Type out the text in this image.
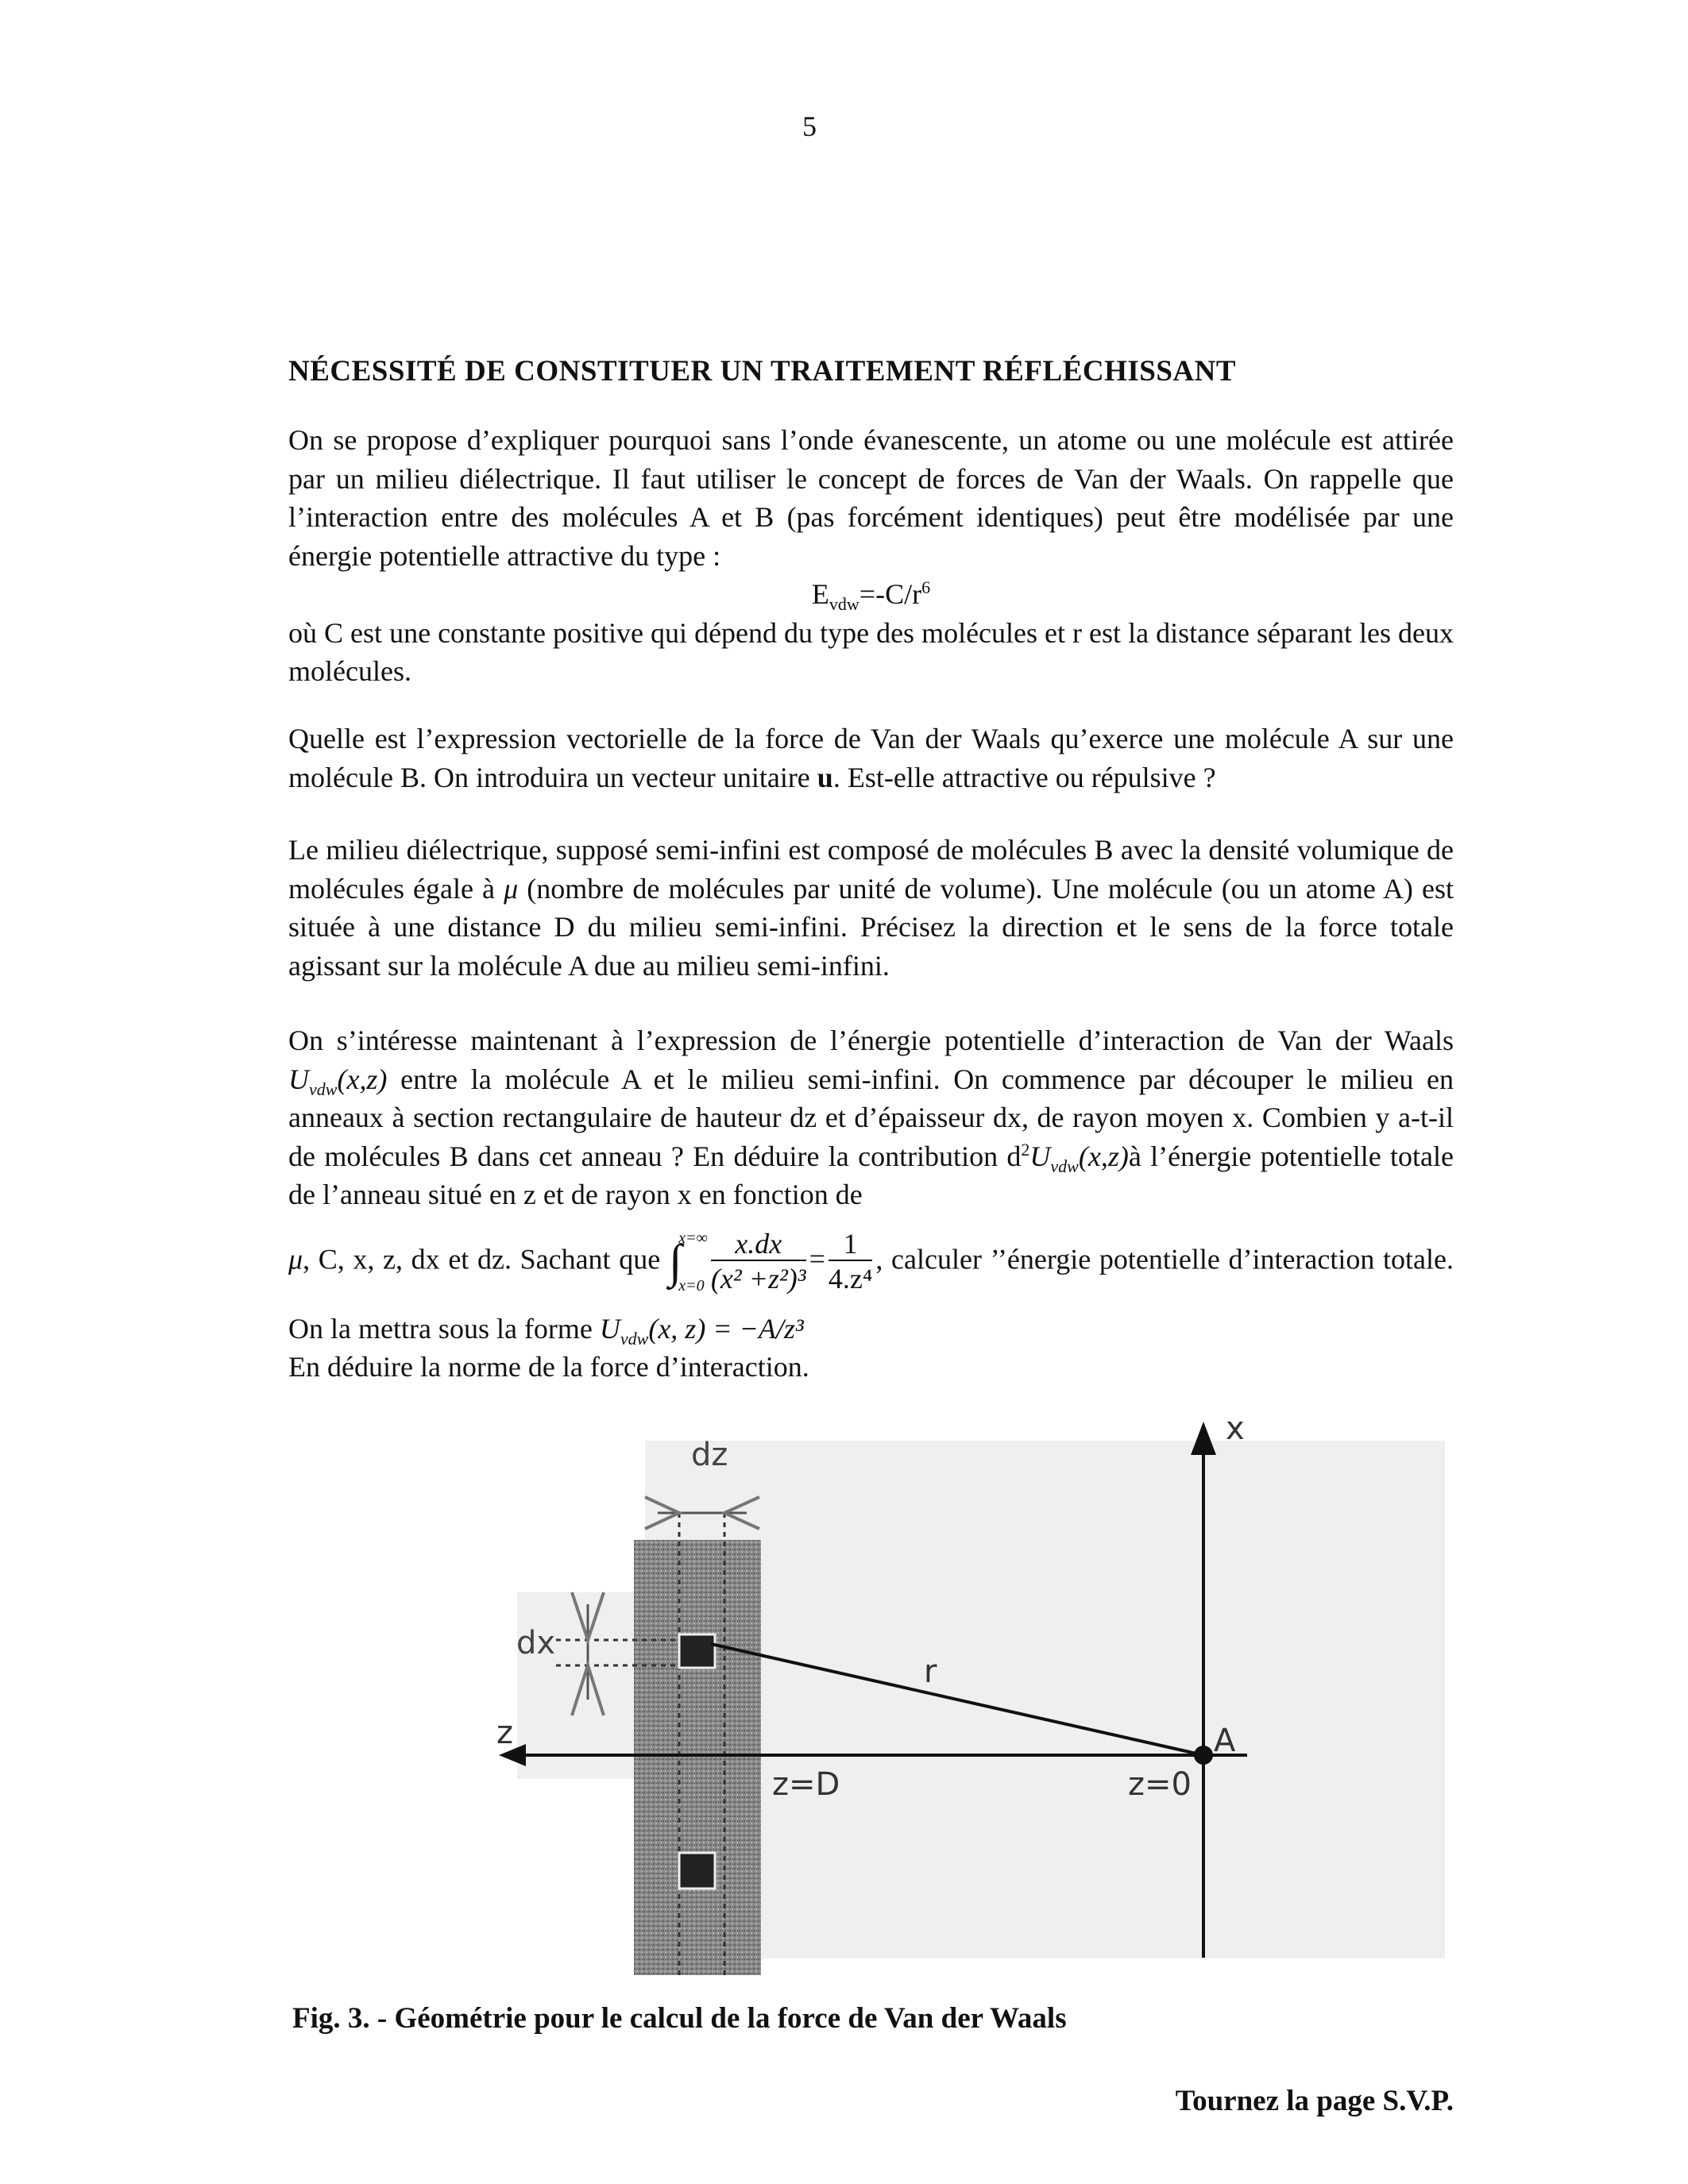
5
NÉCESSITÉ DE CONSTITUER UN TRAITEMENT RÉFLÉCHISSANT
On se propose d’expliquer pourquoi sans l’onde évanescente, un atome ou une molécule est attirée par un milieu diélectrique. Il faut utiliser le concept de forces de Van der Waals. On rappelle que l’interaction entre des molécules A et B (pas forcément identiques) peut être modélisée par une énergie potentielle attractive du type :
$E_{vdw}=-C/r^6$
où C est une constante positive qui dépend du type des molécules et r est la distance séparant les deux molécules.
Quelle est l’expression vectorielle de la force de Van der Waals qu’exerce une molécule A sur une molécule B. On introduira un vecteur unitaire u. Est-elle attractive ou répulsive ?
Le milieu diélectrique, supposé semi-infini est composé de molécules B avec la densité volumique de molécules égale à μ (nombre de molécules par unité de volume). Une molécule (ou un atome A) est située à une distance D du milieu semi-infini. Précisez la direction et le sens de la force totale agissant sur la molécule A due au milieu semi-infini.
On s’intéresse maintenant à l’expression de l’énergie potentielle d’interaction de Van der Waals $U_{vdw}(x,z)$ entre la molécule A et le milieu semi-infini. On commence par découper le milieu en anneaux à section rectangulaire de hauteur dz et d’épaisseur dx, de rayon moyen x. Combien y a-t-il de molécules B dans cet anneau ? En déduire la contribution $d^2U_{vdw}(x,z)à$ l’énergie potentielle totale de l’anneau situé en z et de rayon x en fonction de
μ, C, x, z, dx et dz. Sachant que ∫
x=∞
$x=0 \frac{x.dx}{\text{(x² +z²)³}} = \frac{1}{\text{4.z⁴}}$ , calculer ’’énergie potentielle d’interaction totale. On la mettra sous la forme $U_{vdw}(x$, z) = −A/z³
En déduire la norme de la force d’interaction.
dz
dx
r
z
x
A
z=D	z=0
Fig. 3. - Géométrie pour le calcul de la force de Van der Waals
Tournez la page S.V.P.
